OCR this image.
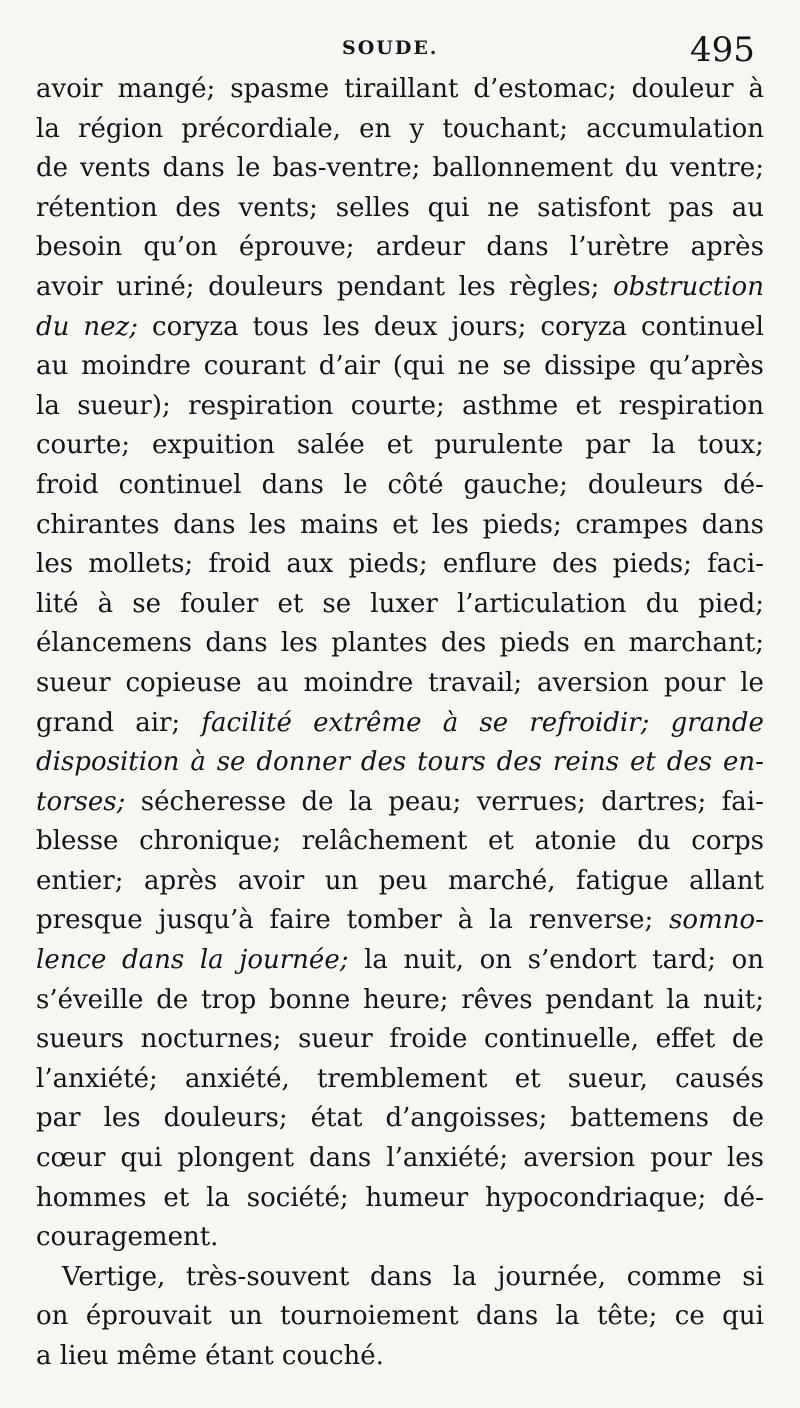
SOUDE.	495
avoir mangé; spasme tiraillant d’estomac; douleur à
la région précordiale, en y touchant; accumulation
de vents dans le bas-ventre; ballonnement du ventre;
rétention des vents; selles qui ne satisfont pas au
besoin qu’on éprouve; ardeur dans l’urètre après
avoir uriné; douleurs pendant les règles; obstruction
du nez; coryza tous les deux jours; coryza continuel
au moindre courant d’air (qui ne se dissipe qu’après
la sueur); respiration courte; asthme et respiration
courte; expuition salée et purulente par la toux;
froid continuel dans le côté gauche; douleurs dé-
chirantes dans les mains et les pieds; crampes dans
les mollets; froid aux pieds; enflure des pieds; faci-
lité à se fouler et se luxer l’articulation du pied;
élancemens dans les plantes des pieds en marchant;
sueur copieuse au moindre travail; aversion pour le
grand air; facilité extrême à se refroidir; grande
disposition à se donner des tours des reins et des en-
torses; sécheresse de la peau; verrues; dartres; fai-
blesse chronique; relâchement et atonie du corps
entier; après avoir un peu marché, fatigue allant
presque jusqu’à faire tomber à la renverse; somno-
lence dans la journée; la nuit, on s’endort tard; on
s’éveille de trop bonne heure; rêves pendant la nuit;
sueurs nocturnes; sueur froide continuelle, effet de
l’anxiété; anxiété, tremblement et sueur, causés
par les douleurs; état d’angoisses; battemens de
cœur qui plongent dans l’anxiété; aversion pour les
hommes et la société; humeur hypocondriaque; dé-
couragement.
Vertige, très-souvent dans la journée, comme si
on éprouvait un tournoiement dans la tête; ce qui
a lieu même étant couché.
